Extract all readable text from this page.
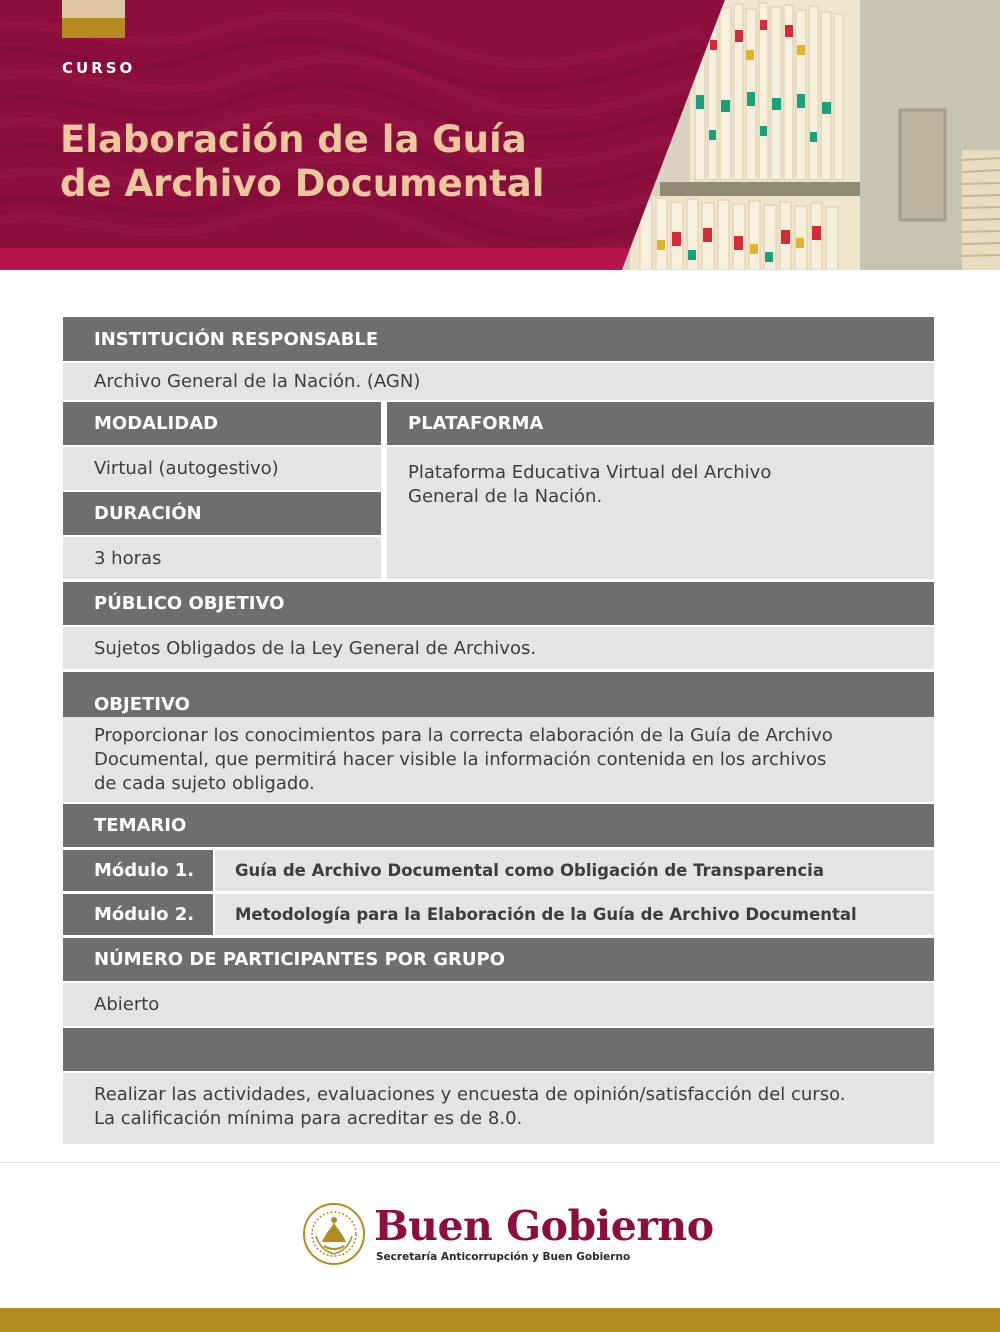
CURSO
Elaboración de la Guía
de Archivo Documental
INSTITUCIÓN RESPONSABLE
Archivo General de la Nación. (AGN)
MODALIDAD
Virtual (autogestivo)
DURACIÓN
3 horas
PLATAFORMA
Plataforma Educativa Virtual del Archivo
General de la Nación.
PÚBLICO OBJETIVO
Sujetos Obligados de la Ley General de Archivos.
OBJETIVO
Proporcionar los conocimientos para la correcta elaboración de la Guía de Archivo
Documental, que permitirá hacer visible la información contenida en los archivos
de cada sujeto obligado.
TEMARIO
Módulo 1. Guía de Archivo Documental como Obligación de Transparencia
Módulo 2. Metodología para la Elaboración de la Guía de Archivo Documental
NÚMERO DE PARTICIPANTES POR GRUPO
Abierto
Realizar las actividades, evaluaciones y encuesta de opinión/satisfacción del curso.
La calificación mínima para acreditar es de 8.0.
Buen Gobierno
Secretaría Anticorrupción y Buen Gobierno
